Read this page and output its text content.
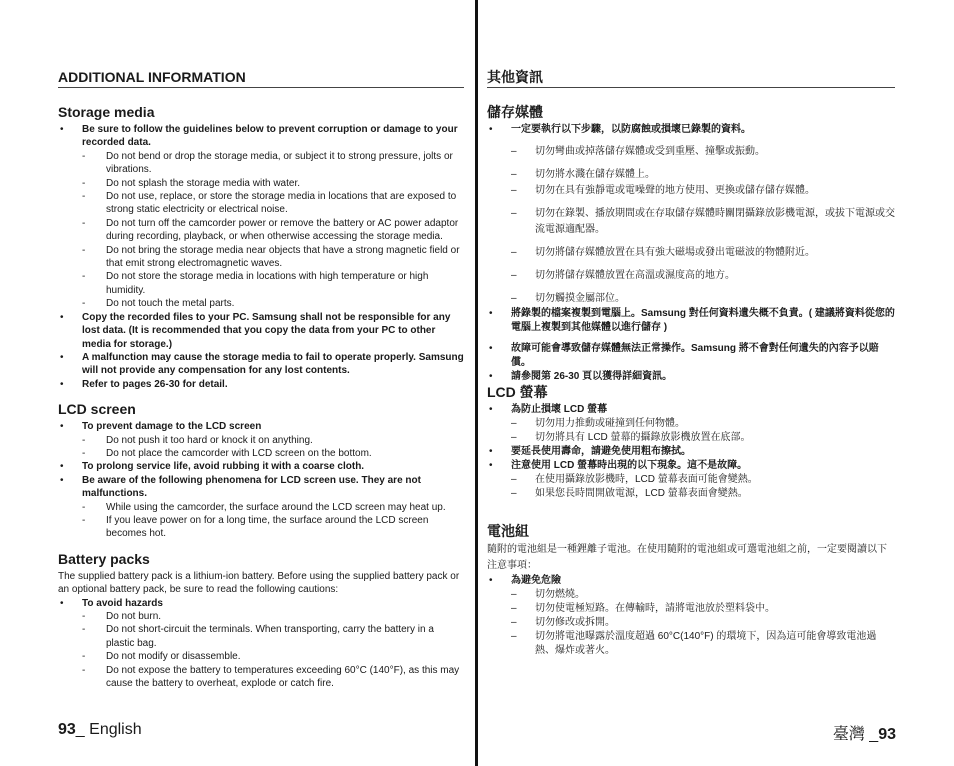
ADDITIONAL INFORMATION
Storage media
• Be sure to follow the guidelines below to prevent corruption or damage to your recorded data.
- Do not bend or drop the storage media, or subject it to strong pressure, jolts or vibrations.
- Do not splash the storage media with water.
- Do not use, replace, or store the storage media in locations that are exposed to strong static electricity or electrical noise.
- Do not turn off the camcorder power or remove the battery or AC power adaptor during recording, playback, or when otherwise accessing the storage media.
- Do not bring the storage media near objects that have a strong magnetic field or that emit strong electromagnetic waves.
- Do not store the storage media in locations with high temperature or high humidity.
- Do not touch the metal parts.
• Copy the recorded files to your PC. Samsung shall not be responsible for any lost data. (It is recommended that you copy the data from your PC to other media for storage.)
• A malfunction may cause the storage media to fail to operate properly. Samsung will not provide any compensation for any lost contents.
• Refer to pages 26-30 for detail.
LCD screen
• To prevent damage to the LCD screen
- Do not push it too hard or knock it on anything.
- Do not place the camcorder with LCD screen on the bottom.
• To prolong service life, avoid rubbing it with a coarse cloth.
• Be aware of the following phenomena for LCD screen use. They are not malfunctions.
- While using the camcorder, the surface around the LCD screen may heat up.
- If you leave power on for a long time, the surface around the LCD screen becomes hot.
Battery packs
The supplied battery pack is a lithium-ion battery. Before using the supplied battery pack or an optional battery pack, be sure to read the following cautions:
• To avoid hazards
- Do not burn.
- Do not short-circuit the terminals. When transporting, carry the battery in a plastic bag.
- Do not modify or disassemble.
- Do not expose the battery to temperatures exceeding 60°C (140°F), as this may cause the battery to overheat, explode or catch fire.
其他資訊
儲存媒體
• 一定要執行以下步驟，以防腐蝕或損壞已錄製的資料。
– 切勿彎曲或掉落儲存媒體或受到重壓、撞擊或振動。
– 切勿將水濺在儲存媒體上。
– 切勿在具有強靜電或電噪聲的地方使用、更換或儲存儲存媒體。
– 切勿在錄製、播放期間或在存取儲存媒體時關閉攝錄放影機電源，或拔下電源或交流電源適配器。
– 切勿將儲存媒體放置在具有強大磁場或發出電磁波的物體附近。
– 切勿將儲存媒體放置在高溫或濕度高的地方。
– 切勿觸摸金屬部位。
• 將錄製的檔案複製到電腦上。Samsung 對任何資料遺失概不負責。( 建議將資料從您的電腦上複製到其他媒體以進行儲存 )
• 故障可能會導致儲存媒體無法正常操作。Samsung 將不會對任何遺失的內容予以賠償。
• 請參閱第 26-30 頁以獲得詳細資訊。
LCD 螢幕
• 為防止損壞 LCD 螢幕
– 切勿用力推動或碰撞到任何物體。
– 切勿將具有 LCD 螢幕的攝錄放影機放置在底部。
• 要延長使用壽命，請避免使用粗布擦拭。
• 注意使用 LCD 螢幕時出現的以下現象。這不是故障。
– 在使用攝錄放影機時，LCD 螢幕表面可能會變熱。
– 如果您長時間開啟電源，LCD 螢幕表面會變熱。
電池組
隨附的電池組是一種鋰離子電池。在使用隨附的電池組或可選電池組之前，一定要閱讀以下注意事項：
• 為避免危險
– 切勿燃燒。
– 切勿使電極短路。在傳輸時，請將電池放於塑料袋中。
– 切勿修改或拆開。
– 切勿將電池曝露於溫度超過 60°C(140°F) 的環境下，因為這可能會導致電池過熱、爆炸或著火。
93_ English	臺灣 _93
